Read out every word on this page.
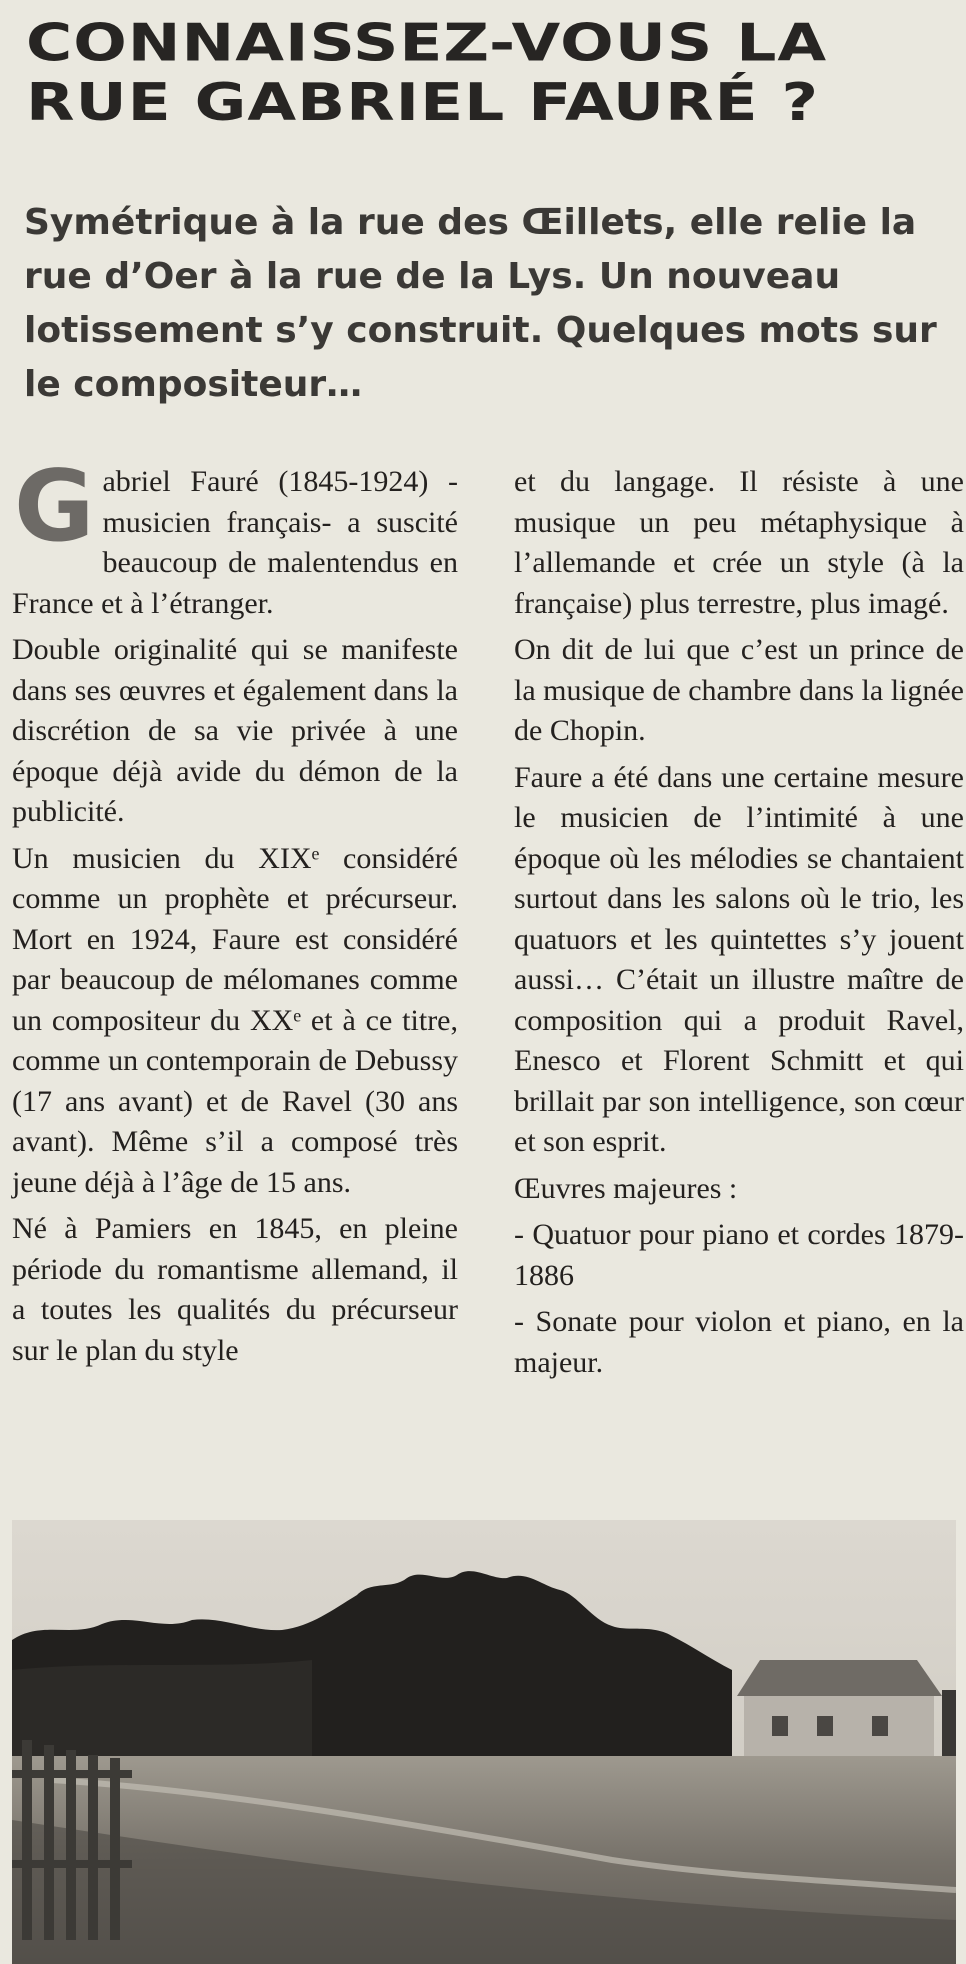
CONNAISSEZ-VOUS LA
RUE GABRIEL FAURÉ ?
Symétrique à la rue des Œillets, elle relie la
rue d’Oer à la rue de la Lys. Un nouveau
lotissement s’y construit. Quelques mots sur
le compositeur…

Gabriel Fauré (1845-1924) -musicien français- a suscité beaucoup de malentendus en France et à l’étranger.

Double originalité qui se manifeste dans ses œuvres et également dans la discrétion de sa vie privée à une époque déjà avide du démon de la publicité.

Un musicien du XIXᵉ considéré comme un prophète et précurseur. Mort en 1924, Faure est considéré par beaucoup de mélomanes comme un compositeur du XXᵉ et à ce titre, comme un contemporain de Debussy (17 ans avant) et de Ravel (30 ans avant). Même s’il a composé très jeune déjà à l’âge de 15 ans.

Né à Pamiers en 1845, en pleine période du romantisme allemand, il a toutes les qualités du précurseur sur le plan du style

et du langage. Il résiste à une musique un peu métaphysique à l’allemande et crée un style (à la française) plus terrestre, plus imagé.

On dit de lui que c’est un prince de la musique de chambre dans la lignée de Chopin.

Faure a été dans une certaine mesure le musicien de l’intimité à une époque où les mélodies se chantaient surtout dans les salons où le trio, les quatuors et les quintettes s’y jouent aussi… C’était un illustre maître de composition qui a produit Ravel, Enesco et Florent Schmitt et qui brillait par son intelligence, son cœur et son esprit.

Œuvres majeures :

- Quatuor pour piano et cordes 1879-1886

- Sonate pour violon et piano, en la majeur.
